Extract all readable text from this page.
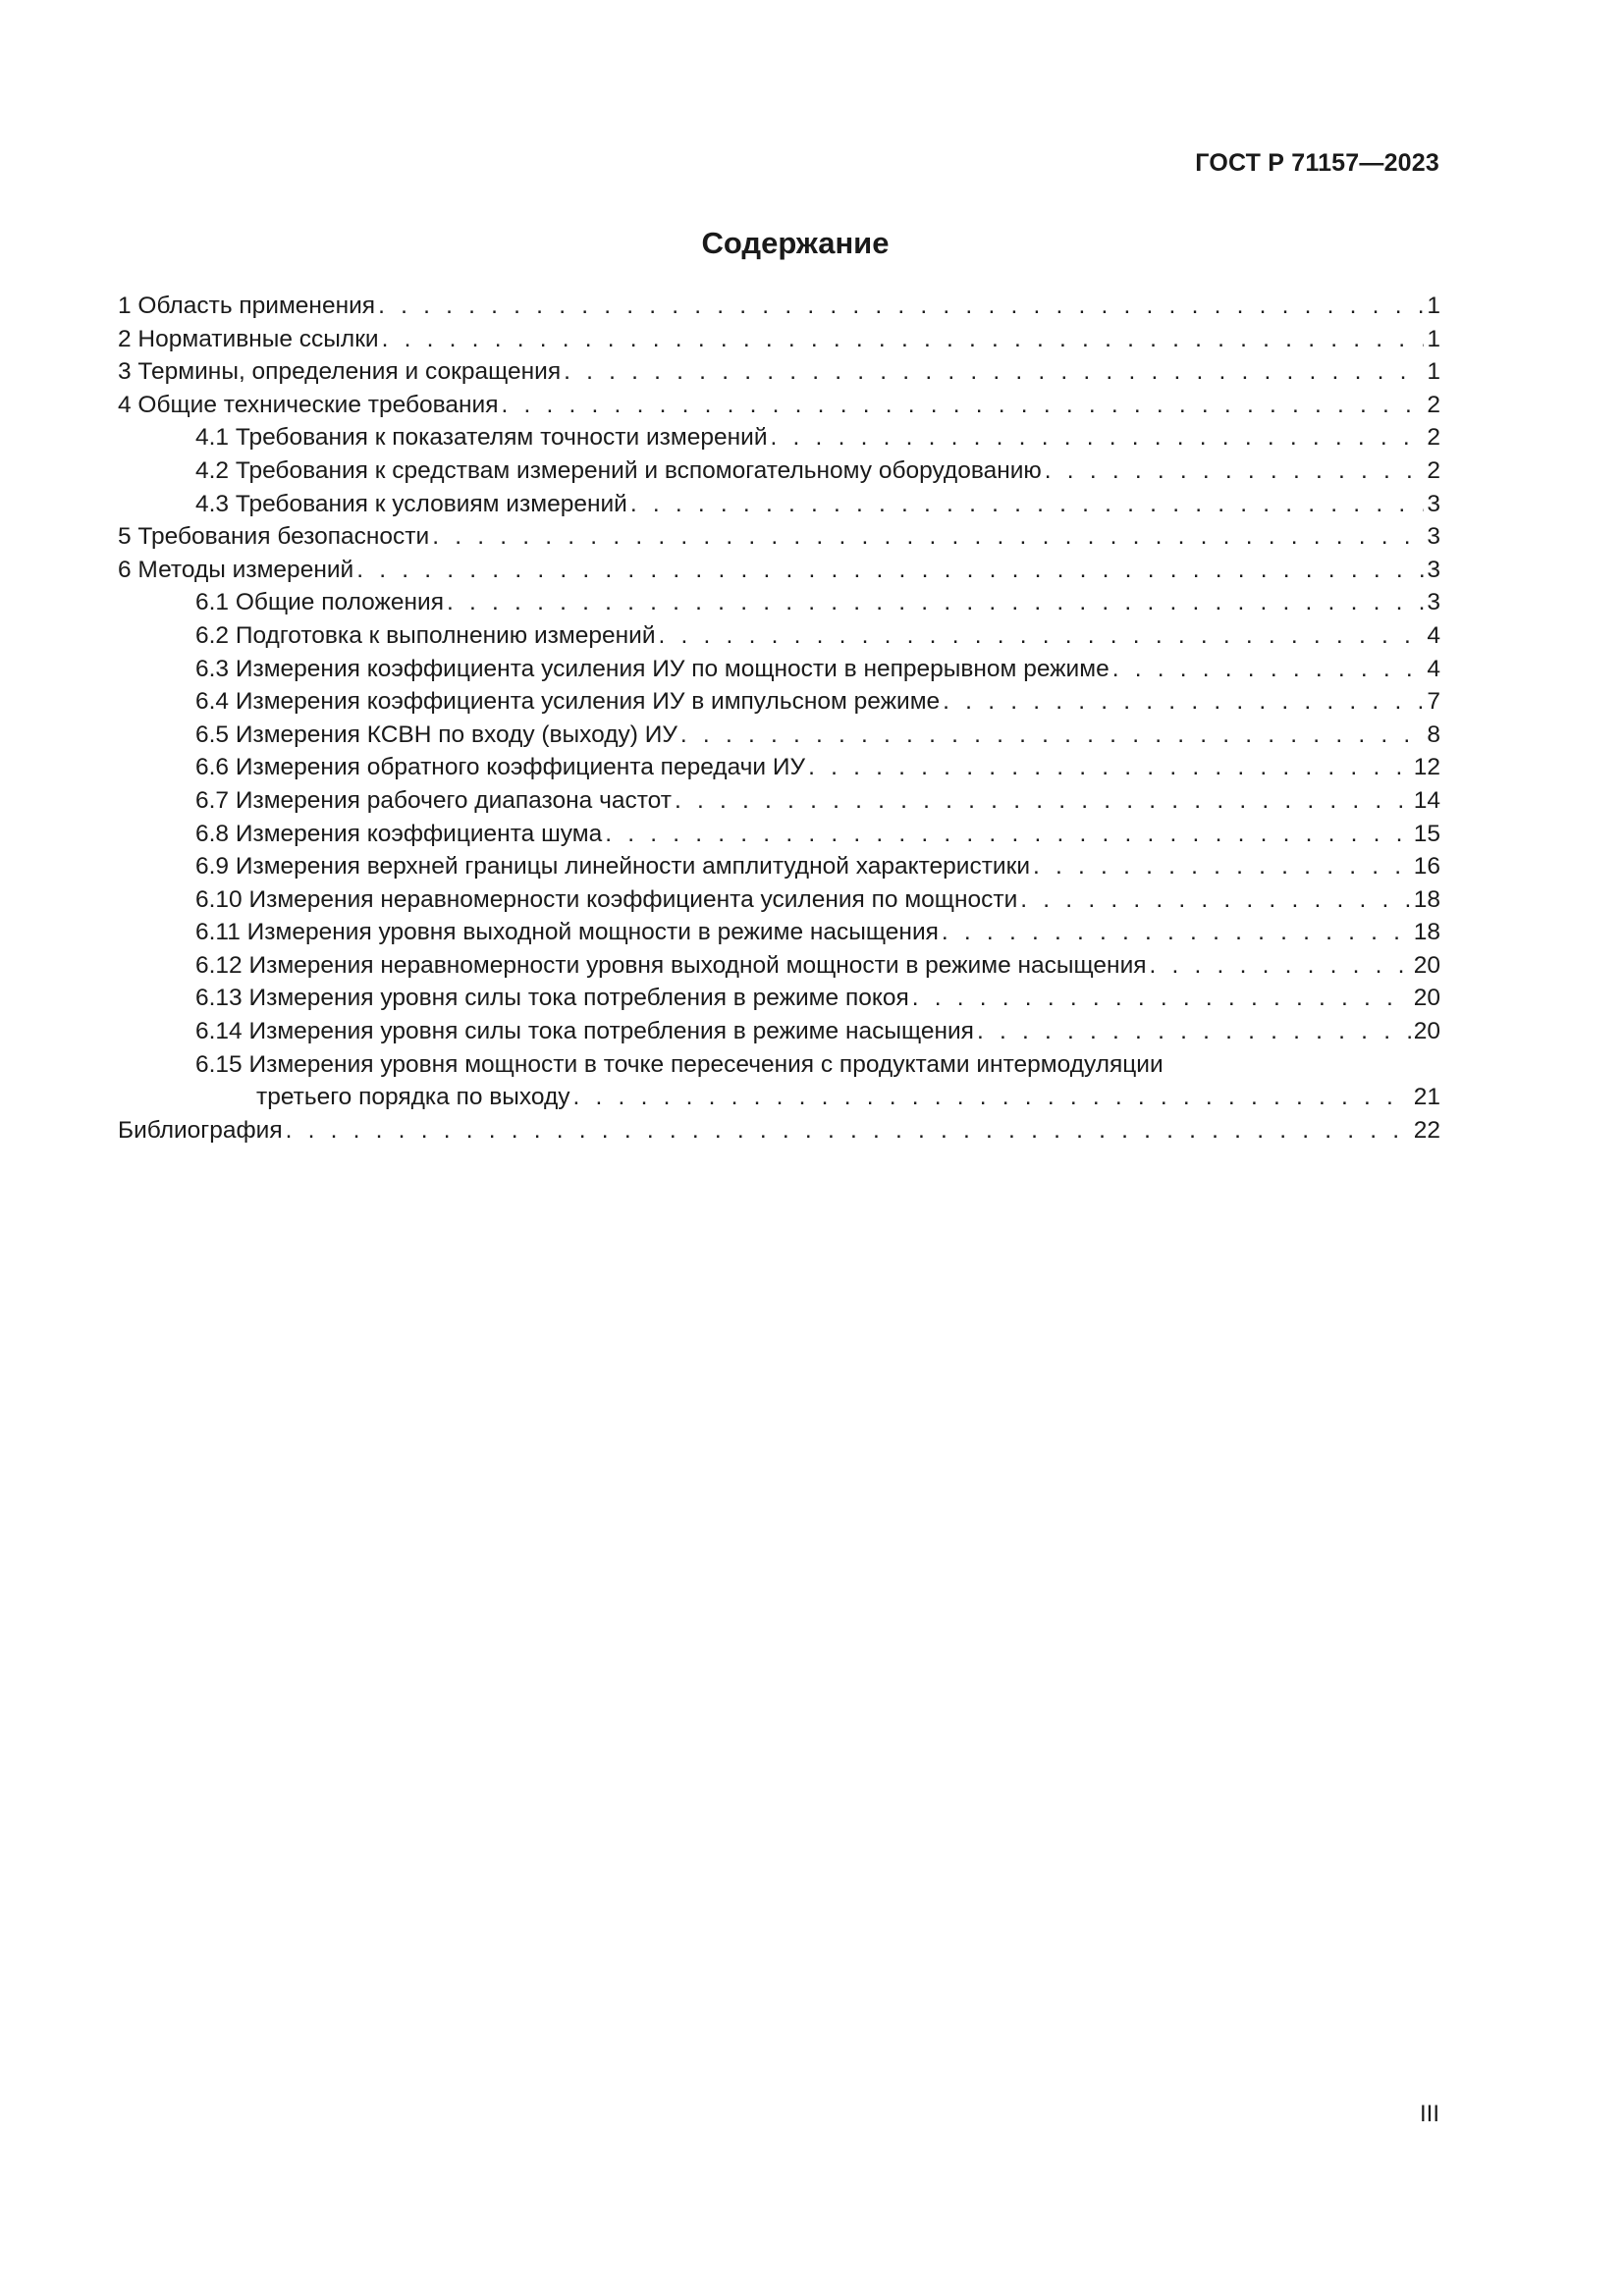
ГОСТ Р 71157—2023
Содержание
1 Область применения . . .	1
2 Нормативные ссылки . . .	1
3 Термины, определения и сокращения . . .	1
4 Общие технические требования . . .	2
4.1 Требования к показателям точности измерений . . .	2
4.2 Требования к средствам измерений и вспомогательному оборудованию . . .	2
4.3 Требования к условиям измерений . . .	3
5 Требования безопасности . . .	3
6 Методы измерений . . .	3
6.1 Общие положения . . .	3
6.2 Подготовка к выполнению измерений . . .	4
6.3 Измерения коэффициента усиления ИУ по мощности в непрерывном режиме . . .	4
6.4 Измерения коэффициента усиления ИУ в импульсном режиме . . .	7
6.5 Измерения КСВН по входу (выходу) ИУ . . .	8
6.6 Измерения обратного коэффициента передачи ИУ . . .	12
6.7 Измерения рабочего диапазона частот . . .	14
6.8 Измерения коэффициента шума . . .	15
6.9 Измерения верхней границы линейности амплитудной характеристики . . .	16
6.10 Измерения неравномерности коэффициента усиления по мощности . . .	18
6.11 Измерения уровня выходной мощности в режиме насыщения . . .	18
6.12 Измерения неравномерности уровня выходной мощности в режиме насыщения . . .	20
6.13 Измерения уровня силы тока потребления в режиме покоя . . .	20
6.14 Измерения уровня силы тока потребления в режиме насыщения . . .	20
6.15 Измерения уровня мощности в точке пересечения с продуктами интермодуляции
третьего порядка по выходу . . .	21
Библиография . . .	22
III
